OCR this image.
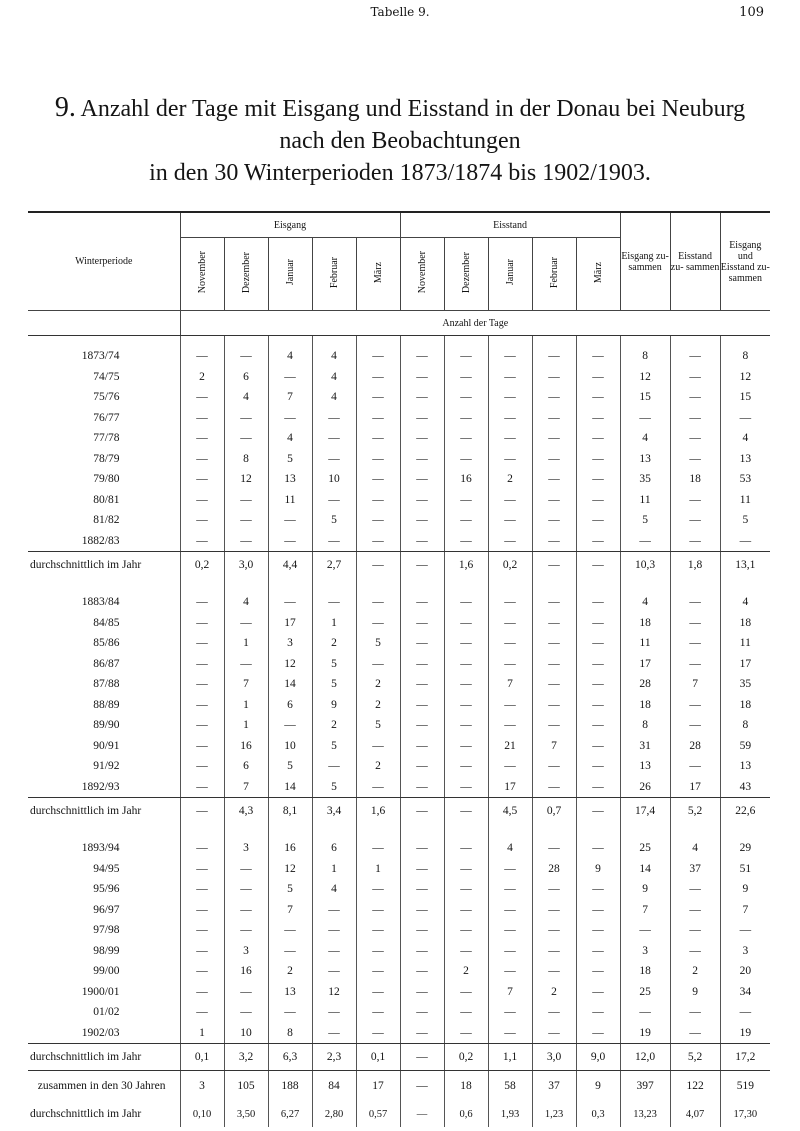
Tabelle 9.	109
9. Anzahl der Tage mit Eisgang und Eisstand in der Donau bei Neuburg
nach den Beobachtungen
in den 30 Winterperioden 1873/1874 bis 1902/1903.
Winterperiode	Eisgang					Eisstand					Eisgang zu- sammen	Eisstand zu- sammen	Eisgang und Eisstand zu- sammen
	November	Dezember	Januar	Februar	März	November	Dezember	Januar	Februar	März			
	Anzahl der Tage												

1873/74	—	—	4	4	—	—	—	—	—	—	8	—	8
74/75	2	6	—	4	—	—	—	—	—	—	12	—	12
75/76	—	4	7	4	—	—	—	—	—	—	15	—	15
76/77	—	—	—	—	—	—	—	—	—	—	—	—	—
77/78	—	—	4	—	—	—	—	—	—	—	4	—	4
78/79	—	8	5	—	—	—	—	—	—	—	13	—	13
79/80	—	12	13	10	—	—	16	2	—	—	35	18	53
80/81	—	—	11	—	—	—	—	—	—	—	11	—	11
81/82	—	—	—	5	—	—	—	—	—	—	5	—	5
1882/83	—	—	—	—	—	—	—	—	—	—	—	—	—
durchschnittlich im Jahr	0,2	3,0	4,4	2,7	—	—	1,6	0,2	—	—	10,3	1,8	13,1

1883/84	—	4	—	—	—	—	—	—	—	—	4	—	4
84/85	—	—	17	1	—	—	—	—	—	—	18	—	18
85/86	—	1	3	2	5	—	—	—	—	—	11	—	11
86/87	—	—	12	5	—	—	—	—	—	—	17	—	17
87/88	—	7	14	5	2	—	—	7	—	—	28	7	35
88/89	—	1	6	9	2	—	—	—	—	—	18	—	18
89/90	—	1	—	2	5	—	—	—	—	—	8	—	8
90/91	—	16	10	5	—	—	—	21	7	—	31	28	59
91/92	—	6	5	—	2	—	—	—	—	—	13	—	13
1892/93	—	7	14	5	—	—	—	17	—	—	26	17	43
durchschnittlich im Jahr	—	4,3	8,1	3,4	1,6	—	—	4,5	0,7	—	17,4	5,2	22,6

1893/94	—	3	16	6	—	—	—	4	—	—	25	4	29
94/95	—	—	12	1	1	—	—	—	28	9	14	37	51
95/96	—	—	5	4	—	—	—	—	—	—	9	—	9
96/97	—	—	7	—	—	—	—	—	—	—	7	—	7
97/98	—	—	—	—	—	—	—	—	—	—	—	—	—
98/99	—	3	—	—	—	—	—	—	—	—	3	—	3
99/00	—	16	2	—	—	—	2	—	—	—	18	2	20
1900/01	—	—	13	12	—	—	—	7	2	—	25	9	34
01/02	—	—	—	—	—	—	—	—	—	—	—	—	—
1902/03	1	10	8	—	—	—	—	—	—	—	19	—	19
durchschnittlich im Jahr	0,1	3,2	6,3	2,3	0,1	—	0,2	1,1	3,0	9,0	12,0	5,2	17,2
zusammen in den 30 Jahren	3	105	188	84	17	—	18	58	37	9	397	122	519
durchschnittlich im Jahr	0,10	3,50	6,27	2,80	0,57	—	0,6	1,93	1,23	0,3	13,23	4,07	17,30
